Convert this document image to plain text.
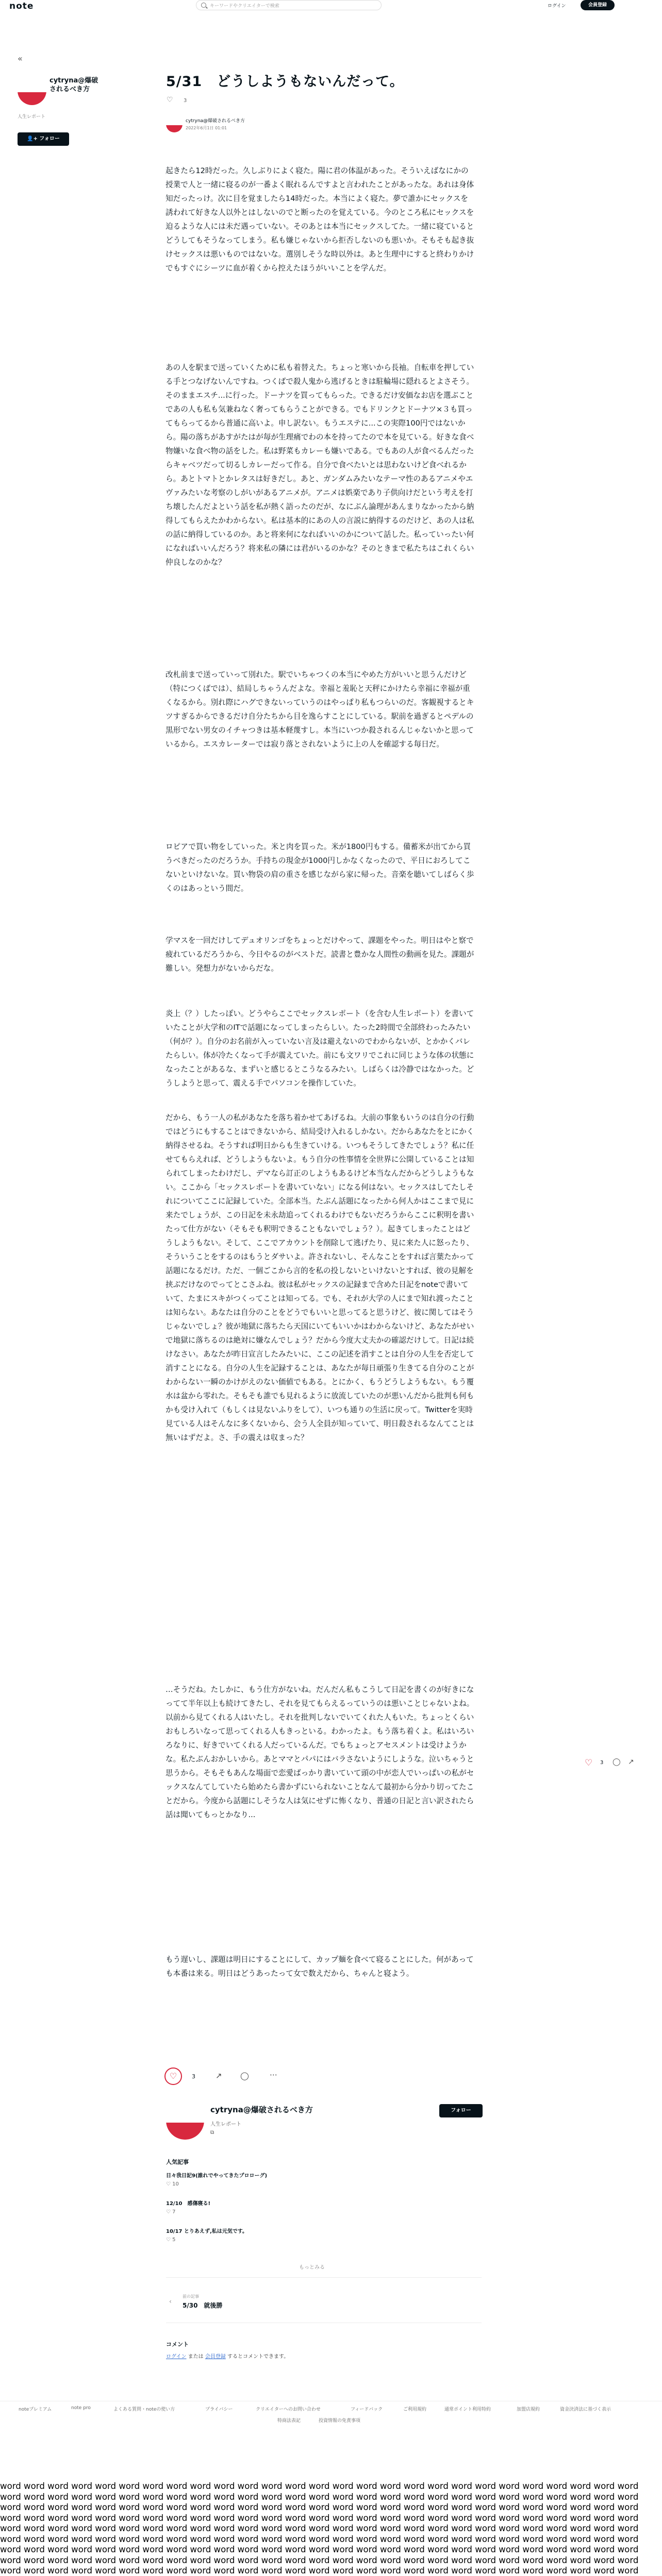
note	キーワードやクリエイターで検索	ログイン	会員登録
«
cytryna@爆破されるべき方
人生レポート
👤+ フォロー
5/31　どうしようもないんだって。
♡ 3
cytryna@爆破されるべき方
2022年6月1日 01:01
起きたら12時だった。久しぶりによく寝た。陽に君の体温があった。そういえばなにかの授業で人と一緒に寝るのが一番よく眠れるんですよと言われたことがあったな。あれは身体知だったっけ。次に目を覚ましたら14時だった。本当によく寝た。夢で誰かにセックスを誘われて好きな人以外とはしないのでと断ったのを覚えている。今のところ私にセックスを迫るような人には未だ遇っていない。そのあとは本当にセックスしてた。一緒に寝ているとどうしてもそうなってしまう。私も嫌じゃないから拒否しないのも悪いか。そもそも起き抜けセックスは悪いものではないな。選別しそうな時以外は。あと生理中にすると終わりかけでもすぐにシーツに血が着くから控えたほうがいいことを学んだ。
あの人を駅まで送っていくために私も着替えた。ちょっと寒いから長袖。自転車を押している手とつなげないんですね。つくばで殺人鬼から逃げるときは駐輪場に隠れるとよさそう。そのままエスチ...に行った。ドーナツを買ってもらった。できるだけ安価なお店を選ぶことであの人も私も気兼ねなく奢ってもらうことができる。でもドリンクとドーナツ×３も買ってもらってるから普通に高いよ。申し訳ない。もうエステに...この実際100円ではないから。陽の落ちがあすがたはが毎が生理痛でわの本を持ってたので本を見ている。好きな食べ物嫌いな食べ物の話をした。私は野菜もカレーも嫌いである。でもあの人が食べるんだったらキャベツだって切るしカレーだって作る。自分で食べたいとは思わないけど食べれるから。あとトマトとかレタスは好きだし。あと、ガンダムみたいなテーマ性のあるアニメやエヴァみたいな考察のしがいがあるアニメが。アニメは娯楽であり子供向けだという考えを打ち壊したんだよという話を私が熱く語ったのだが、なにぶん論理があんまりなかったから納得してもらえたかわからない。私は基本的にあの人の言説に納得するのだけど、あの人は私の話に納得しているのか。あと将来何になればいいのかについて話した。私っていったい何になればいいんだろう？将来私の隣には君がいるのかな？そのときまで私たちはこれくらい仲良しなのかな？
改札前まで送っていって別れた。駅でいちゃつくの本当にやめた方がいいと思うんだけど（特につくばでは）、結局しちゃうんだよな。幸福と羞恥と天秤にかけたら幸福に幸福が重くなるから。別れ際にハグできないっていうのはやっぱり私もつらいのだ。客観視するとキツすぎるからできるだけ自分たちから目を逸らすことにしている。駅前を過ぎるとペデルの黒形でない男女のイチャつきは基本軽蔑すし。本当にいつか殺されるんじゃないかと思っているから。エスカレーターでは寂り落とされないように上の人を確認する毎日だ。
ロピアで買い物をしていった。米と肉を買った。米が1800円もする。備蓄米が出てから買うべきだったのだろうか。手持ちの現金が1000円しかなくなったので、平日におろしてこないといけないな。買い物袋の肩の重さを感じながら家に帰った。音楽を聴いてしばらく歩くのはあっという間だ。
学マスを一回だけしてデュオリンゴをちょっとだけやって、課題をやった。明日はやと察で疲れているだろうから、今日やるのがベストだ。読書と豊かな人間性の動画を見た。課題が難しい。発想力がないからだな。
炎上（？）したっぽい。どうやらここでセックスレポート（を含む人生レポート）を書いていたことが大学和のITで話題になってしまったらしい。たった2時間で全部終わったみたい（何が？）。自分のお名前が入っていない言及は避えないのでわからないが、とかかくバレたらしい。体が冷たくなって手が震えていた。前にも文ワリでこれに同じような体の状態になったことがあるな、まずいと感じるとこうなるみたい。しばらくは冷静ではなかった。どうしようと思って、震える手でパソコンを操作していた。
だから、もう一人の私があなたを落ち着かせてあげるね。大前の事象もいうのは自分の行動ではどうにもすることはできないから、結局受け入れるしかない。だからあなたをとにかく納得させるね。そうすれば明日からも生きていける。いつもそうしてきたでしょう？私に任せてもらえれば、どうしようもないよ。もう自分の性事情を全世界に公開していることは知られてしまったわけだし、デマなら訂正のしようもあるけど本当なんだからどうしようもない。ここから「セックスレポートを書いていない」になる何はない。セックスはしてたしそれについてここに記録していた。全部本当。たぶん話題になったから何人かはここまで見に来たでしょうが、この日記を未永劫追ってくれるわけでもないだろうからここに釈明を書いたって仕方がない（そもそも釈明できることもないでしょう？）。起きてしまったことはどうしようもない。そして、ここでアカウントを削除して逃げたり、見に来た人に怒ったり、そういうことをするのはもうとダサいよ。許されないし、そんなことをすれば言葉たかって話題になるだけ。ただ、一個ごこから言的を私の投しないといけないとすれば、彼の見解を挟ぶだけなのでってとこさふね。彼は私がセックスの記録まで含めた日記をnoteで書いていて、たまにスキがつくってことは知ってる。でも、それが大学の人にまで知れ渡ったことは知らない。あなたは自分のことをどうでもいいと思ってると思うけど、彼に関してはそうじゃないでしょ？彼が地獄に落ちたら天国にいてもいいかはわからないけど、あなたがせいで地獄に落ちるのは絶対に嫌なんでしょう？だから今度大丈夫かの確認だけして。日記は続けなさい。あなたが昨日宣言したみたいに、ここの記述を消すことは自分の人生を否定して消すことになる。自分の人生を記録することは、あなたが毎日頑張り生きてる自分のことがわからない一瞬のかけがえのない価値でもある。とにかく、もうどうしようもない。もう覆水は盆から零れた。そもそも誰でも見れるように放流していたのが悪いんだから批判も何もかも受け入れて（もしくは見ないふりをして）、いつも通りの生活に戻って。Twitterを実時見ている人はそんなに多くないから、会う人全員が知っていて、明日殺されるなんてことは無いはずだよ。さ、手の震えは収まった？
…そうだね。たしかに、もう仕方がないね。だんだん私もこうして日記を書くのが好きになってて半年以上も続けてきたし、それを見てもらえるっていうのは悪いことじゃないよね。以前から見てくれる人はいたし。それを批判しないでいてくれた人もいた。ちょっとくらいおもしろいなって思ってくれる人もきっといる。わかったよ。もう落ち着くよ。私はいろいろなりに、好きでいてくれる人だっているんだ。でもちょっとアセスメントは受けようかな。私たぶんおかしいから。あとママとパパにはバラさないようにしような。泣いちゃうと思うから。そもそもあんな場面で恋愛ばっかり書いていて頭の中が恋人でいっぱいの私がセックスなんてしていたら始めたら書かずにいられないことなんて最初から分かり切ってたことだから。今度から話題にしそうな人は気にせずに怖くなり、普通の日記と言い訳されたら話は聞いてもっとかなり...
もう遅いし、課題は明日にすることにして、カップ麺を食べて寝ることにした。何があっても本番は来る。明日はどうあったって女で数えだから、ちゃんと寝よう。
♡ 3 ◯ ↗
♡	3	↗ ◯	⋯
cytryna@爆破されるべき方
人生レポート
⧉
フォロー
人気記事
日々我日記9(誰れでやってきたプロローグ)
♡ 10
12/10　感傷寝る!
♡ 7
10/17 とりあえず,私は元気です。
♡ 5
もっとみる
‹
前の記事
5/30　就後勝
コメント
ログイン または 会員登録 するとコメントできます。
noteプレミアム	note pro	よくある質問・noteの使い方	プライバシー	クリエイターへのお問い合わせ	フィードバック	ご利用規約	通常ポイント利用特約	加盟店規約	資金決済法に基づく表示
特商法表記	投資情報の免責事項
word word word word word word word word word word word word word word word word word word word word word word word word word word word word word word word word word word word word word word word word word word word word word word word word word word word word word word word word word word word word word word word word word word word word word word word word word word word word word word word word word word word word word word word word word word word word word word word word word word word word word word word word word word word word word word word word word word word word word word word word word word word word word word word word word word word word word word word word word word word word word word word word word word word word word word word word word word word word word word word word word word word word word word word word word word word word word word word word word word word word word word word word word word word word word word word word word word word word word word word word word word word word word word word word word word word word word word word word word word word word word word word word word word word word word word word word word word word word word word word word word word word
